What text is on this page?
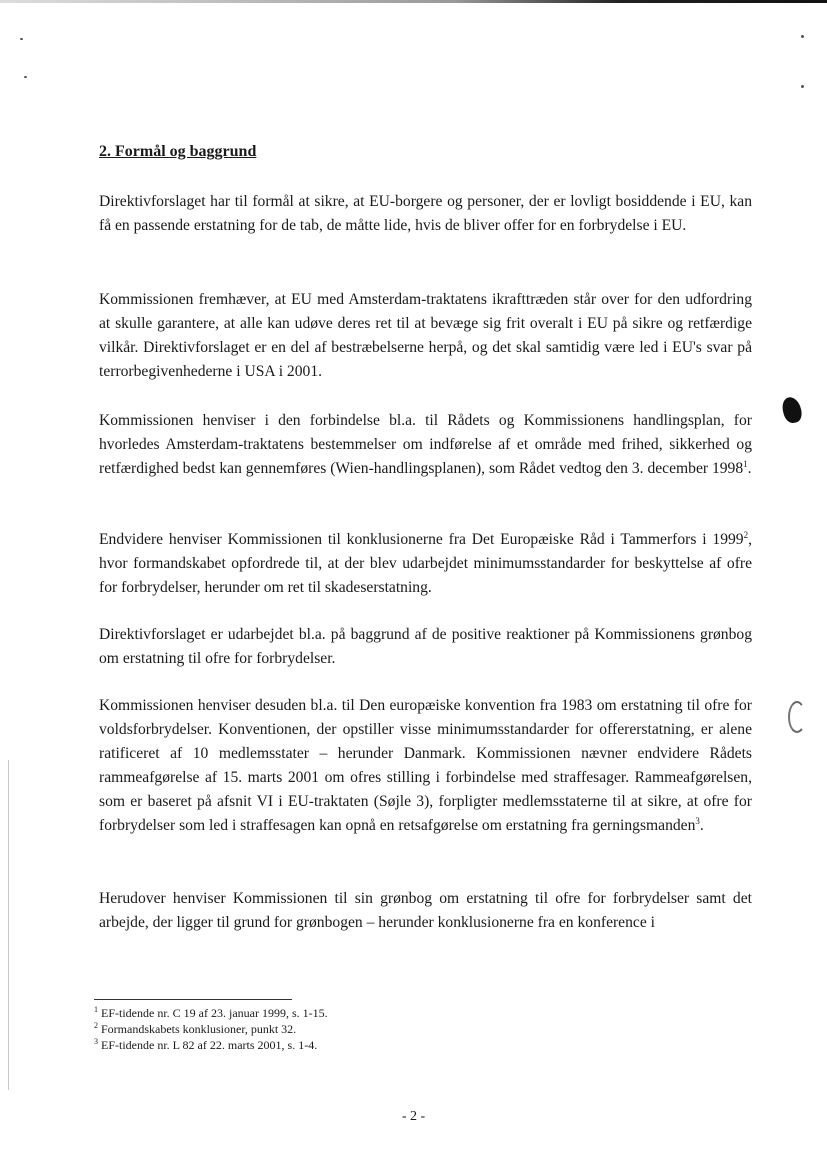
2. Formål og baggrund

Direktivforslaget har til formål at sikre, at EU-borgere og personer, der er lovligt bosiddende i EU, kan få en passende erstatning for de tab, de måtte lide, hvis de bliver offer for en forbrydelse i EU.

Kommissionen fremhæver, at EU med Amsterdam-traktatens ikrafttræden står over for den udfordring at skulle garantere, at alle kan udøve deres ret til at bevæge sig frit overalt i EU på sikre og retfærdige vilkår. Direktivforslaget er en del af bestræbelserne herpå, og det skal samtidig være led i EU's svar på terrorbegivenhederne i USA i 2001.

Kommissionen henviser i den forbindelse bl.a. til Rådets og Kommissionens handlingsplan, for hvorledes Amsterdam-traktatens bestemmelser om indførelse af et område med frihed, sikkerhed og retfærdighed bedst kan gennemføres (Wien-handlingsplanen), som Rådet vedtog den 3. december 1998$^1$.

Endvidere henviser Kommissionen til konklusionerne fra Det Europæiske Råd i Tammerfors i 1999$^2$, hvor formandskabet opfordrede til, at der blev udarbejdet minimumsstandarder for beskyttelse af ofre for forbrydelser, herunder om ret til skadeserstatning.

Direktivforslaget er udarbejdet bl.a. på baggrund af de positive reaktioner på Kommissionens grønbog om erstatning til ofre for forbrydelser.

Kommissionen henviser desuden bl.a. til Den europæiske konvention fra 1983 om erstatning til ofre for voldsforbrydelser. Konventionen, der opstiller visse minimumsstandarder for offererstatning, er alene ratificeret af 10 medlemsstater – herunder Danmark. Kommissionen nævner endvidere Rådets rammeafgørelse af 15. marts 2001 om ofres stilling i forbindelse med straffesager. Rammeafgørelsen, som er baseret på afsnit VI i EU-traktaten (Søjle 3), forpligter medlemsstaterne til at sikre, at ofre for forbrydelser som led i straffesagen kan opnå en retsafgørelse om erstatning fra gerningsmanden$^3$.

Herudover henviser Kommissionen til sin grønbog om erstatning til ofre for forbrydelser samt det arbejde, der ligger til grund for grønbogen – herunder konklusionerne fra en konference i

$^1$ EF-tidende nr. C 19 af 23. januar 1999, s. 1-15.
$^2$ Formandskabets konklusioner, punkt 32.
$^3$ EF-tidende nr. L 82 af 22. marts 2001, s. 1-4.
- 2 -
